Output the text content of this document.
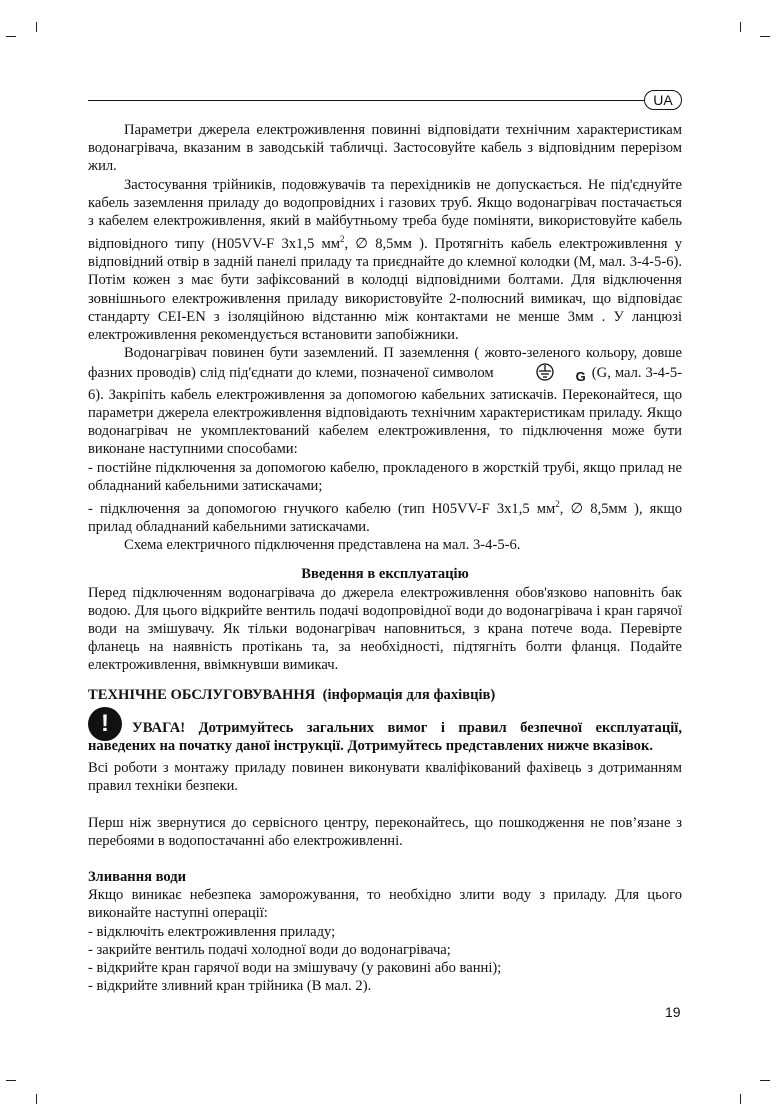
UA

Параметри джерела електроживлення повинні відповідати технічним характеристикам водонагрівача, вказаним в заводській табличці. Застосовуйте кабель з відповідним перерізом жил.

Застосування трійників, подовжувачів та перехідників не допускається. Не під'єднуйте кабель заземлення приладу до водопровідних і газових труб. Якщо водонагрівач постачається з кабелем електроживлення, який в майбутньому треба буде поміняти, використовуйте кабель відповідного типу (H05VV-F 3x1,5 $мм^2$, ∅ 8,5мм ). Протягніть кабель електроживлення у відповідний отвір в задній панелі приладу та приєднайте до клемної колодки (M, мал. 3-4-5-6). Потім кожен з має бути зафіксований в колодці відповідними болтами. Для відключення зовнішнього електроживлення приладу використовуйте 2-полюсний вимикач, що відповідає стандарту CEI-EN з ізоляційною відстанню між контактами не менше 3мм . У ланцюзі електроживлення рекомендується встановити запобіжники.

Водонагрівач повинен бути заземлений. П заземлення ( жовто-зеленого кольору, довше фазних проводів) слід під'єднати до клеми, позначеної символом	G (G, мал. 3-4-5-6). Закріпіть кабель електроживлення за допомогою кабельних затискачів. Переконайтеся, що параметри джерела електроживлення відповідають технічним характеристикам приладу. Якщо водонагрівач не укомплектований кабелем електроживлення, то підключення може бути виконане наступними способами:

- постійне підключення за допомогою кабелю, прокладеного в жорсткій трубі, якщо прилад не обладнаний кабельними затискачами;

- підключення за допомогою гнучкого кабелю (тип H05VV-F 3x1,5 $мм^2$, ∅ 8,5мм ), якщо прилад обладнаний кабельними затискачами.

Схема електричного підключення представлена на мал. 3-4-5-6.

Введення в експлуатацію

Перед підключенням водонагрівача до джерела електроживлення обов'язково наповніть бак водою. Для цього відкрийте вентиль подачі водопровідної води до водонагрівача і кран гарячої води на змішувачу. Як тільки водонагрівач наповниться, з крана потече вода. Перевірте фланець на наявність протікань та, за необхідності, підтягніть болти фланця. Подайте електроживлення, ввімкнувши вимикач.

ТЕХНІЧНЕ ОБСЛУГОВУВАННЯ (інформація для фахівців)

!	УВАГА! Дотримуйтесь загальних вимог і правил безпечної експлуатації, наведених на початку даної інструкції. Дотримуйтесь представлених нижче вказівок.

Всі роботи з монтажу приладу повинен виконувати кваліфікований фахівець з дотриманням правил техніки безпеки.

Перш ніж звернутися до сервісного центру, переконайтесь, що пошкодження не пов’язане з перебоями в водопостачанні або електроживленні.

Зливання води

Якщо виникає небезпека заморожування, то необхідно злити воду з приладу. Для цього виконайте наступні операції:

- відключіть електроживлення приладу;

- закрийте вентиль подачі холодної води до водонагрівача;

- відкрийте кран гарячої води на змішувачу (у раковині або ванні);

- відкрийте зливний кран трійника (B мал. 2).

19
